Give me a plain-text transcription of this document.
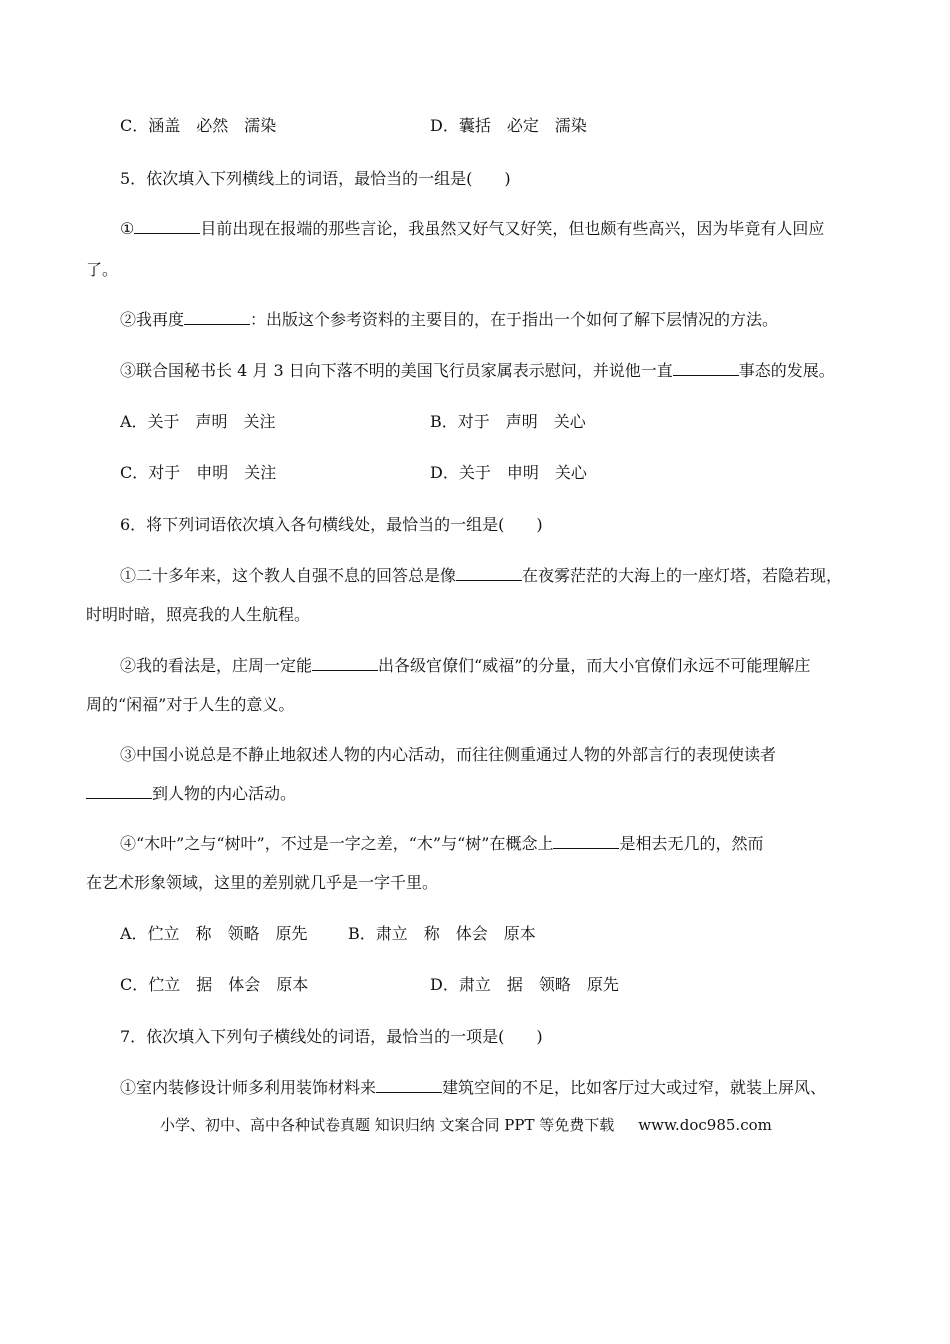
C．涵盖　必然　濡染	D．囊括　必定　濡染
5．依次填入下列横线上的词语，最恰当的一组是(　　)
①	目前出现在报端的那些言论，我虽然又好气又好笑，但也颇有些高兴，因为毕竟有人回应
了。
②我再度	：出版这个参考资料的主要目的，在于指出一个如何了解下层情况的方法。
③联合国秘书长 4 月 3 日向下落不明的美国飞行员家属表示慰问，并说他一直	事态的发展。
A．关于　声明　关注	B．对于　声明　关心
C．对于　申明　关注	D．关于　申明　关心
6．将下列词语依次填入各句横线处，最恰当的一组是(　　)
①二十多年来，这个教人自强不息的回答总是像	在夜雾茫茫的大海上的一座灯塔，若隐若现，
时明时暗，照亮我的人生航程。
②我的看法是，庄周一定能	出各级官僚们“威福”的分量，而大小官僚们永远不可能理解庄
周的“闲福”对于人生的意义。
③中国小说总是不静止地叙述人物的内心活动，而往往侧重通过人物的外部言行的表现使读者
到人物的内心活动。
④“木叶”之与“树叶”，不过是一字之差，“木”与“树”在概念上	是相去无几的，然而
在艺术形象领域，这里的差别就几乎是一字千里。
A．伫立　称　领略　原先	B．肃立　称　体会　原本
C．伫立　据　体会　原本	D．肃立　据　领略　原先
7．依次填入下列句子横线处的词语，最恰当的一项是(　　)
①室内装修设计师多利用装饰材料来	建筑空间的不足，比如客厅过大或过窄，就装上屏风、
小学、初中、高中各种试卷真题 知识归纳 文案合同 PPT 等免费下载 www.doc985.com
